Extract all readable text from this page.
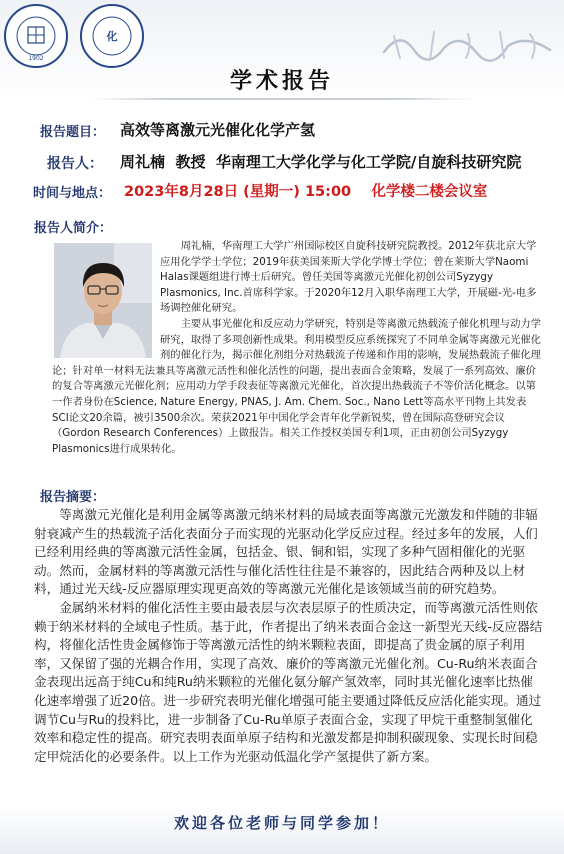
1902
化
学术报告
报告题目： 高效等离激元光催化化学产氢
报告人： 周礼楠  教授  华南理工大学化学与化工学院/自旋科技研究院
时间与地点： 2023年8月28日 (星期一) 15:00    化学楼二楼会议室
报告人简介：

周礼楠，华南理工大学广州国际校区自旋科技研究院教授。2012年获北京大学应用化学学士学位；2019年获美国莱斯大学化学博士学位；曾在莱斯大学Naomi Halas课题组进行博士后研究。曾任美国等离激元光催化初创公司Syzygy Plasmonics, Inc.首席科学家。于2020年12月入职华南理工大学，开展磁-光-电多场调控催化研究。

主要从事光催化和反应动力学研究，特别是等离激元热载流子催化机理与动力学研究，取得了多项创新性成果。利用模型反应系统探究了不同单金属等离激元光催化剂的催化行为，揭示催化剂组分对热载流子传递和作用的影响，发展热载流子催化理论；针对单一材料无法兼具等离激元活性和催化活性的问题，提出表面合金策略，发展了一系列高效、廉价的复合等离激元光催化剂；应用动力学手段表征等离激元光催化，首次提出热载流子不等价活化概念。以第一作者身份在Science, Nature Energy, PNAS, J. Am. Chem. Soc., Nano Lett等高水平刊物上共发表SCI论文20余篇，被引3500余次。荣获2021年中国化学会青年化学新锐奖，曾在国际高登研究会议（Gordon Research Conferences）上做报告。相关工作授权美国专利1项，正由初创公司Syzygy Plasmonics进行成果转化。

报告摘要：

等离激元光催化是利用金属等离激元纳米材料的局域表面等离激元光激发和伴随的非辐射衰减产生的热载流子活化表面分子而实现的光驱动化学反应过程。经过多年的发展，人们已经利用经典的等离激元活性金属，包括金、银、铜和铝，实现了多种气固相催化的光驱动。然而，金属材料的等离激元活性与催化活性往往是不兼容的，因此结合两种及以上材料，通过光天线-反应器原理实现更高效的等离激元光催化是该领域当前的研究趋势。

金属纳米材料的催化活性主要由最表层与次表层原子的性质决定，而等离激元活性则依赖于纳米材料的全域电子性质。基于此，作者提出了纳米表面合金这一新型光天线-反应器结构，将催化活性贵金属修饰于等离激元活性的纳米颗粒表面，即提高了贵金属的原子利用率，又保留了强的光耦合作用，实现了高效、廉价的等离激元光催化剂。Cu-Ru纳米表面合金表现出远高于纯Cu和纯Ru纳米颗粒的光催化氨分解产氢效率，同时其光催化速率比热催化速率增强了近20倍。进一步研究表明光催化增强可能主要通过降低反应活化能实现。通过调节Cu与Ru的投料比，进一步制备了Cu-Ru单原子表面合金，实现了甲烷干重整制氢催化效率和稳定性的提高。研究表明表面单原子结构和光激发都是抑制积碳现象、实现长时间稳定甲烷活化的必要条件。以上工作为光驱动低温化学产氢提供了新方案。

欢迎各位老师与同学参加！
